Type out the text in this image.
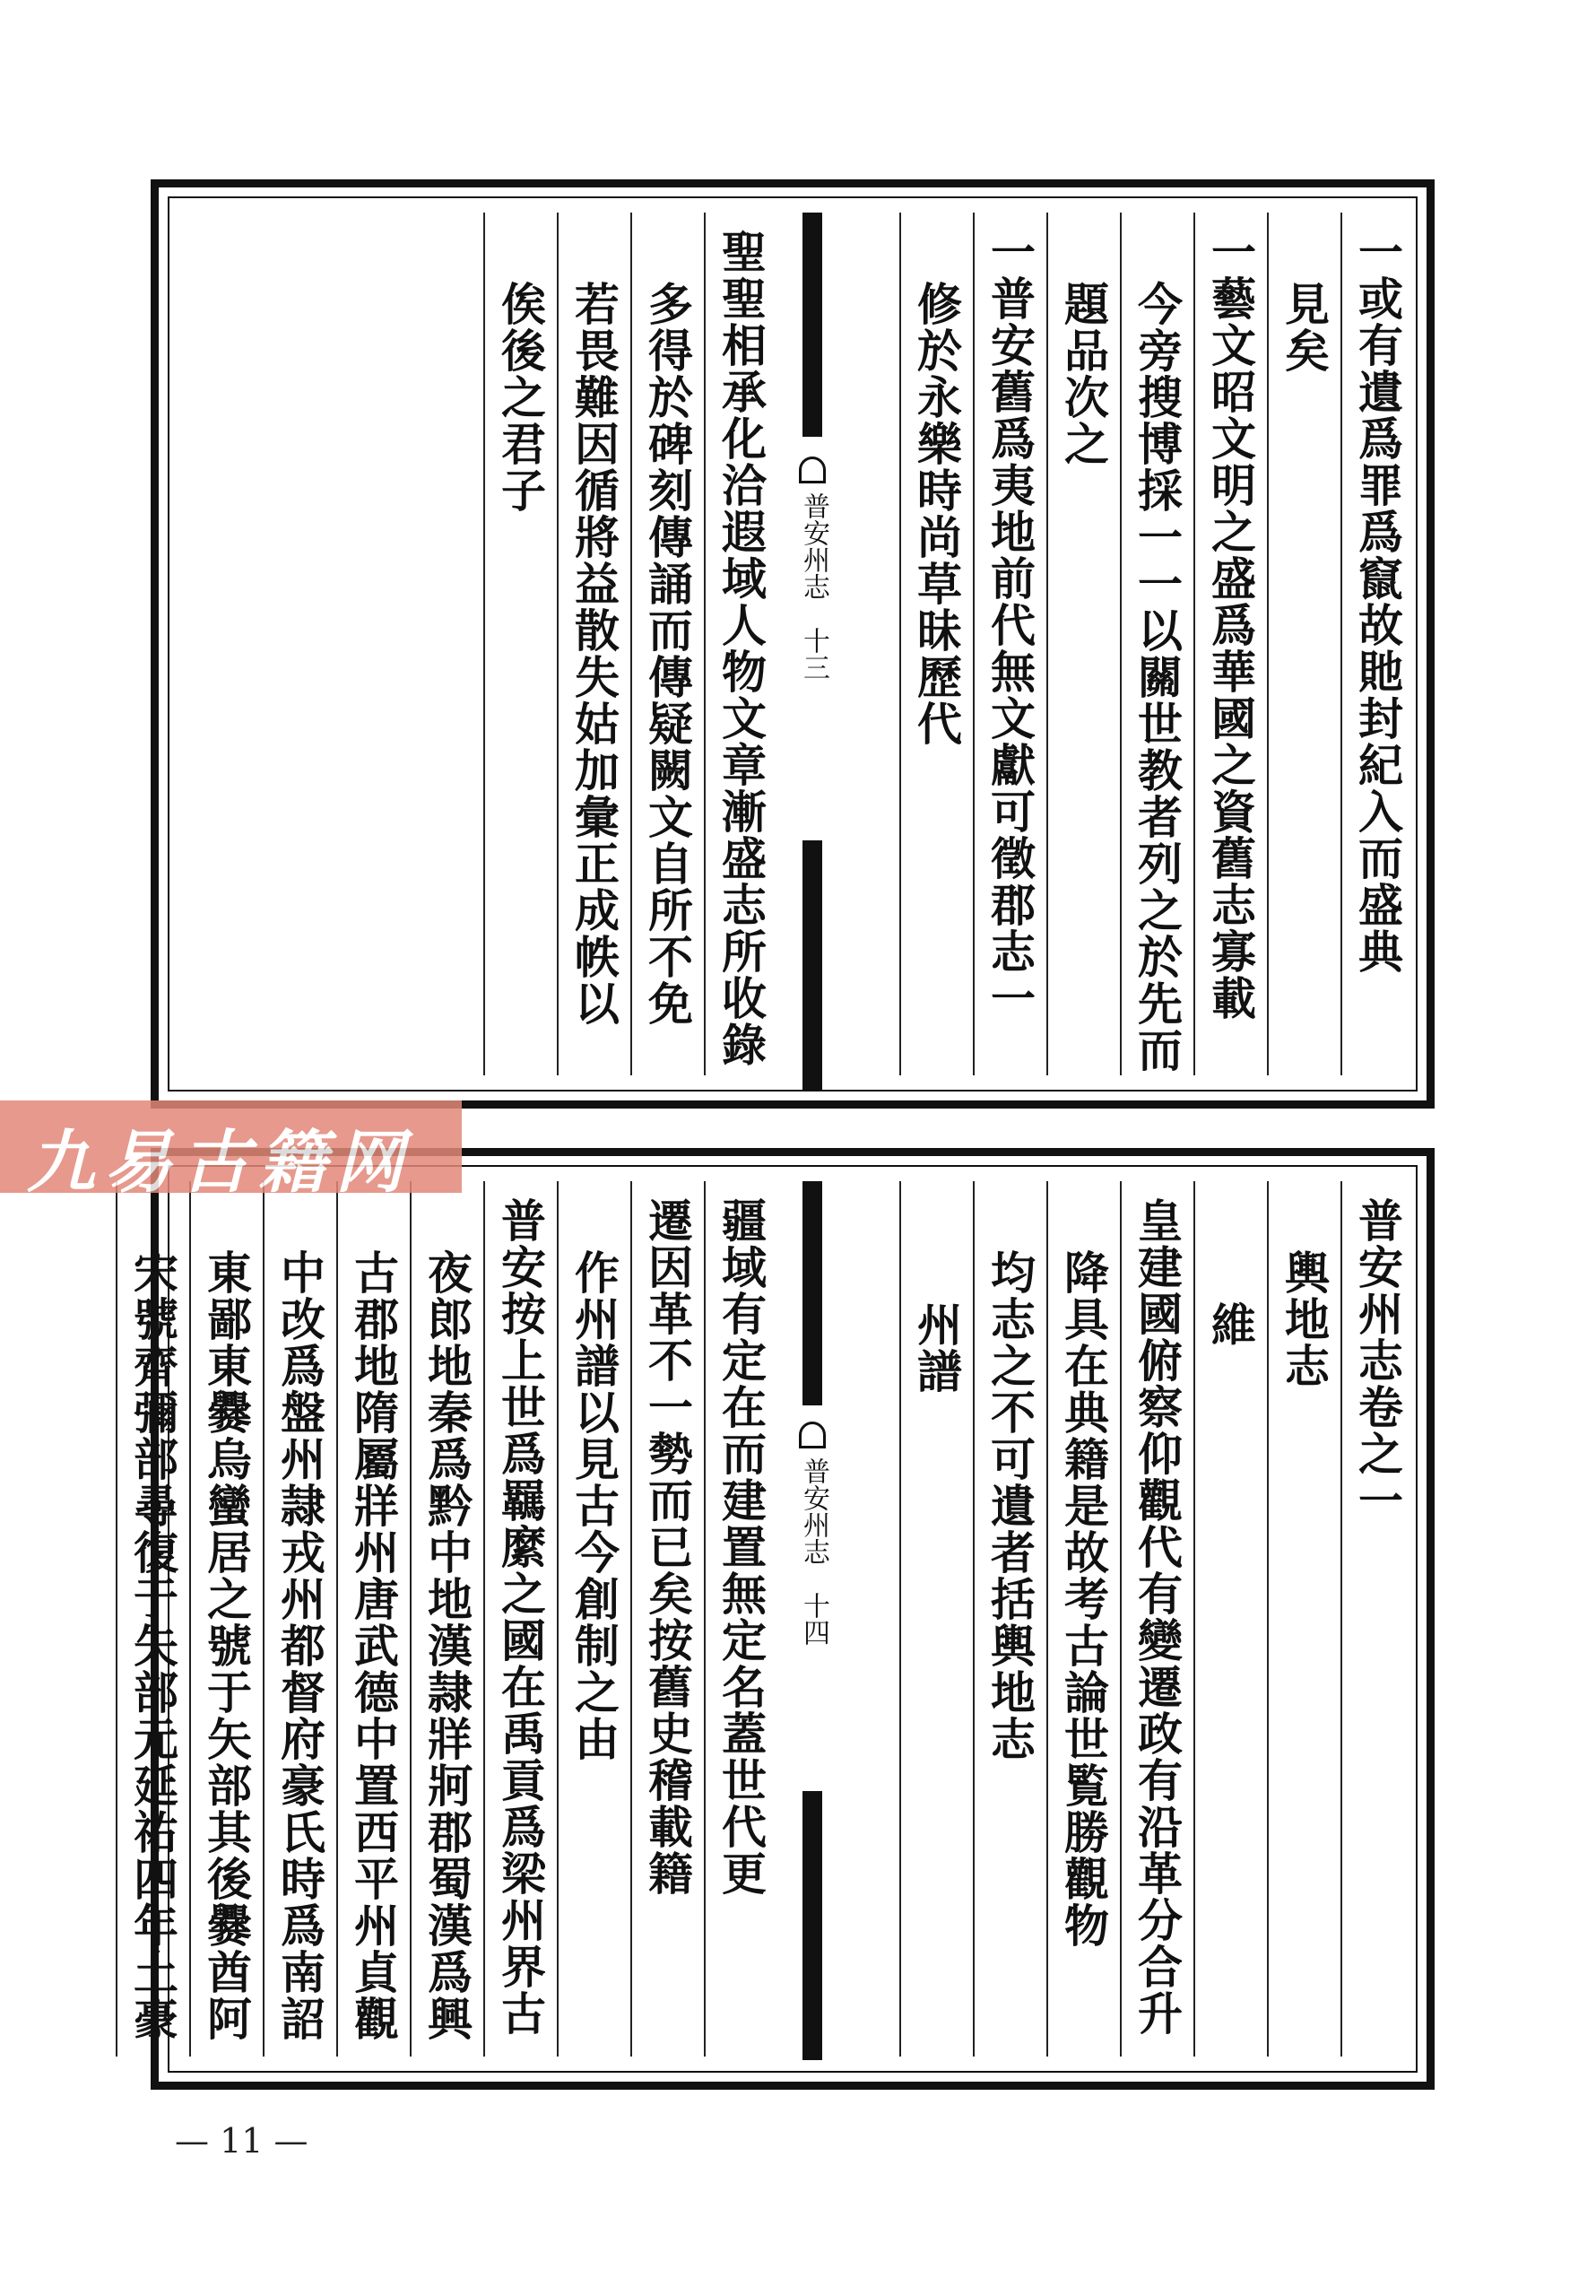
一或有遺爲罪爲竄故貤封紀入而盛典
見矣
一藝文昭文明之盛爲華國之資舊志寡載
今旁搜博採一一以關世教者列之於先而
題品次之
一普安舊爲夷地前代無文獻可徵郡志一
修於永樂時尚草昧歷代
普安州志　十三
聖聖相承化洽遐域人物文章漸盛志所收錄
多得於碑刻傳誦而傳疑闕文自所不免
若畏難因循將益散失姑加彙正成帙以
俟後之君子
普安州志卷之一
輿地志
維
皇建國俯察仰觀代有變遷政有沿革分合升
降具在典籍是故考古論世覧勝觀物
均志之不可遺者括輿地志
州譜
普安州志　十四
疆域有定在而建置無定名蓋世代更
遷因革不一勢而已矣按舊史稽載籍
作州譜以見古今創制之由
普安按上世爲羈縻之國在禹貢爲梁州界古
夜郎地秦爲黔中地漢隷牂牁郡蜀漢爲興
古郡地隋屬牂州唐武德中置西平州貞觀
中改爲盤州隷戎州都督府豪氏時爲南詔
東鄙東爨烏蠻居之號于矢部其後爨酋阿
宋號齊彌部尋復于矢部元延祐四年土豪
九易古籍网
— 11 —
